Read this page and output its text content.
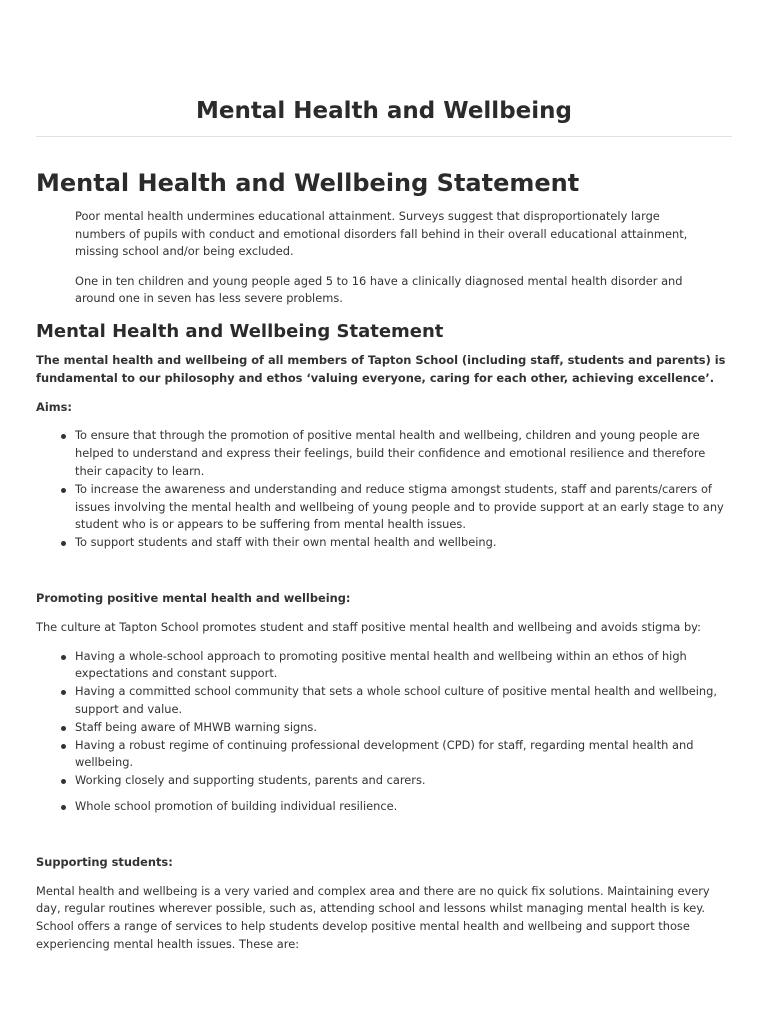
Mental Health and Wellbeing
Mental Health and Wellbeing Statement

Poor mental health undermines educational attainment. Surveys suggest that disproportionately large numbers of pupils with conduct and emotional disorders fall behind in their overall educational attainment, missing school and/or being excluded.

One in ten children and young people aged 5 to 16 have a clinically diagnosed mental health disorder and around one in seven has less severe problems.

Mental Health and Wellbeing Statement

The mental health and wellbeing of all members of Tapton School (including staff, students and parents) is fundamental to our philosophy and ethos ‘valuing everyone, caring for each other, achieving excellence’.

Aims:

To ensure that through the promotion of positive mental health and wellbeing, children and young people are helped to understand and express their feelings, build their confidence and emotional resilience and therefore their capacity to learn.
To increase the awareness and understanding and reduce stigma amongst students, staff and parents/carers of issues involving the mental health and wellbeing of young people and to provide support at an early stage to any student who is or appears to be suffering from mental health issues.
To support students and staff with their own mental health and wellbeing.

Promoting positive mental health and wellbeing:

The culture at Tapton School promotes student and staff positive mental health and wellbeing and avoids stigma by:

Having a whole-school approach to promoting positive mental health and wellbeing within an ethos of high expectations and constant support.
Having a committed school community that sets a whole school culture of positive mental health and wellbeing, support and value.
Staff being aware of MHWB warning signs.
Having a robust regime of continuing professional development (CPD) for staff, regarding mental health and wellbeing.
Working closely and supporting students, parents and carers.
Whole school promotion of building individual resilience.

Supporting students:

Mental health and wellbeing is a very varied and complex area and there are no quick fix solutions. Maintaining every day, regular routines wherever possible, such as, attending school and lessons whilst managing mental health is key. School offers a range of services to help students develop positive mental health and wellbeing and support those experiencing mental health issues. These are:
